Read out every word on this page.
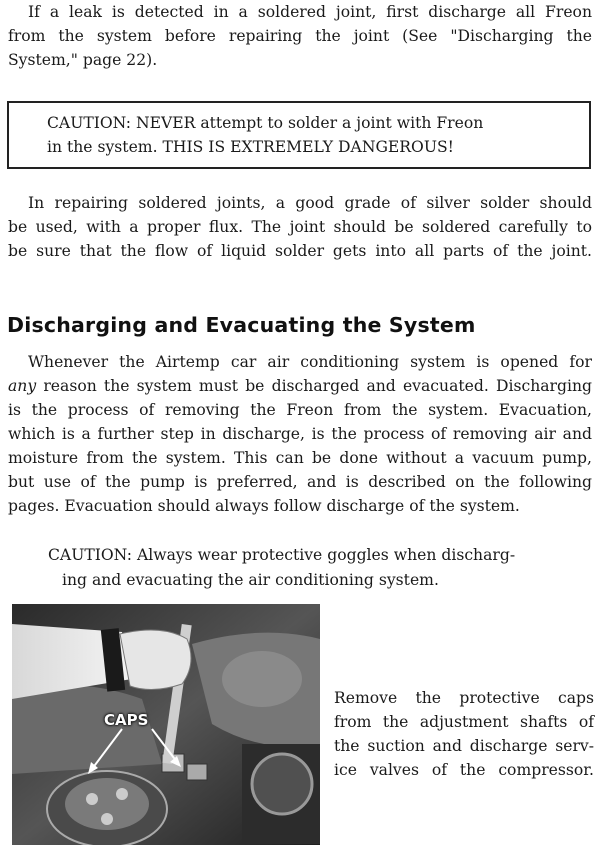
If a leak is detected in a soldered joint, first discharge all Freon
from the system before repairing the joint (See "Discharging the
System," page 22).
CAUTION: NEVER attempt to solder a joint with Freon
in the system. THIS IS EXTREMELY DANGEROUS!
In repairing soldered joints, a good grade of silver solder should
be used, with a proper flux. The joint should be soldered carefully to
be sure that the flow of liquid solder gets into all parts of the joint.
Discharging and Evacuating the System
Whenever the Airtemp car air conditioning system is opened for
any reason the system must be discharged and evacuated. Discharging
is the process of removing the Freon from the system. Evacuation,
which is a further step in discharge, is the process of removing air and
moisture from the system. This can be done without a vacuum pump,
but use of the pump is preferred, and is described on the following
pages. Evacuation should always follow discharge of the system.
CAUTION: Always wear protective goggles when discharg-
ing and evacuating the air conditioning system.
CAPS
Remove the protective caps
from the adjustment shafts of
the suction and discharge serv-
ice valves of the compressor.
